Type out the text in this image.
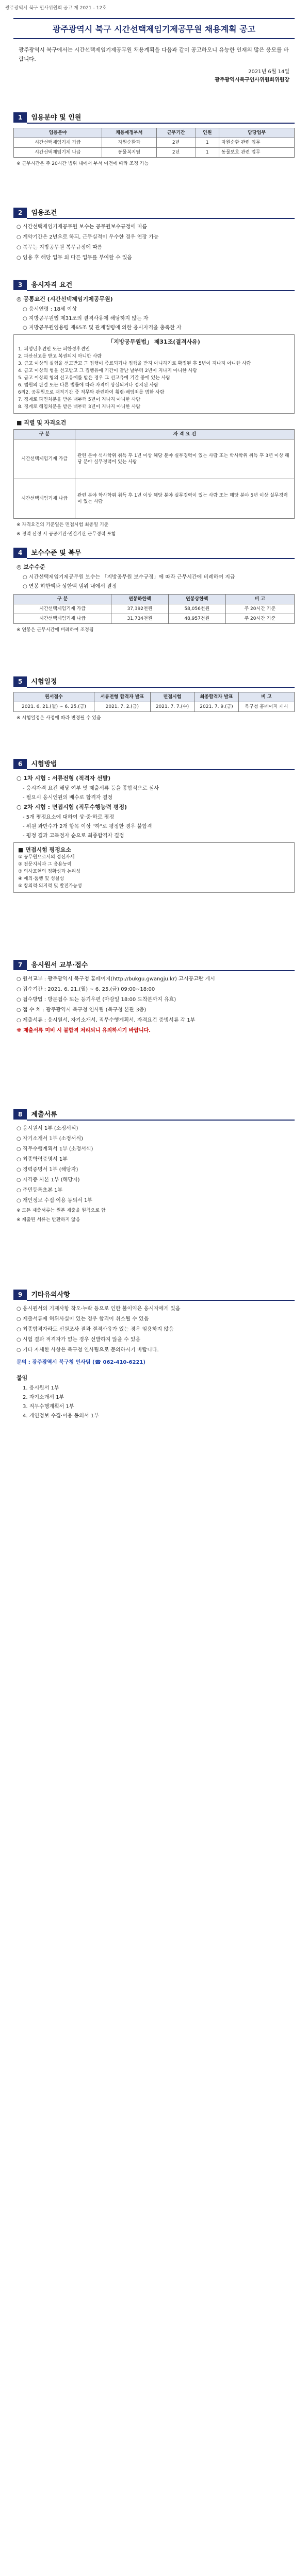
광주광역시 북구 인사위원회 공고 제 2021 - 12호
광주광역시 북구 시간선택제임기제공무원 채용계획 공고
광주광역시 북구에서는 시간선택제임기제공무원 채용계획을 다음과 같이 공고하오니 유능한 인재의 많은 응모를 바랍니다.
2021년 6월 14일
광주광역시북구인사위원회위원장
1	임용분야 및 인원
임용분야	채용예정부서	근무기간	인원	담당업무
시간선택제임기제 가급	자원순환과	2년	1	자원순환 관련 업무
시간선택제임기제 나급	동물복지팀	2년	1	동물보호 관련 업무
※ 근무시간은 주 20시간 범위 내에서 부서 여건에 따라 조정 가능
2	임용조건
○ 시간선택제임기제공무원 보수는 공무원보수규정에 따름
○ 계약기간은 2년으로 하되, 근무실적이 우수한 경우 연장 가능
○ 복무는 지방공무원 복무규정에 따름
○ 임용 후 해당 업무 외 다른 업무를 부여할 수 있음
3	응시자격 요건
◎ 공통요건 (시간선택제임기제공무원)
○ 응시연령 : 18세 이상
○ 지방공무원법 제31조의 결격사유에 해당하지 않는 자
○ 지방공무원임용령 제65조 및 관계법령에 의한 응시자격을 충족한 자
「지방공무원법」 제31조(결격사유)
1. 피성년후견인 또는 피한정후견인
2. 파산선고를 받고 복권되지 아니한 사람
3. 금고 이상의 실형을 선고받고 그 집행이 종료되거나 집행을 받지 아니하기로 확정된 후 5년이 지나지 아니한 사람
4. 금고 이상의 형을 선고받고 그 집행유예 기간이 끝난 날부터 2년이 지나지 아니한 사람
5. 금고 이상의 형의 선고유예를 받은 경우 그 선고유예 기간 중에 있는 사람
6. 법원의 판결 또는 다른 법률에 따라 자격이 상실되거나 정지된 사람
6의2. 공무원으로 재직기간 중 직무와 관련하여 횡령·배임죄를 범한 사람
7. 징계로 파면처분을 받은 때부터 5년이 지나지 아니한 사람
8. 징계로 해임처분을 받은 때부터 3년이 지나지 아니한 사람
■ 직렬 및 자격요건
구 분	자 격 요 건
시간선택제임기제 가급	관련 분야 석사학위 취득 후 1년 이상 해당 분야 실무경력이 있는 사람 또는 학사학위 취득 후 3년 이상 해당 분야 실무경력이 있는 사람
시간선택제임기제 나급	관련 분야 학사학위 취득 후 1년 이상 해당 분야 실무경력이 있는 사람 또는 해당 분야 5년 이상 실무경력이 있는 사람
※ 자격요건의 기준일은 면접시험 최종일 기준
※ 경력 산정 시 공공기관·민간기관 근무경력 포함
4	보수수준 및 복무
◎ 보수수준
○ 시간선택제임기제공무원 보수는 「지방공무원 보수규정」에 따라 근무시간에 비례하여 지급
○ 연봉 하한액과 상한액 범위 내에서 결정
구 분	연봉하한액	연봉상한액	비 고
시간선택제임기제 가급	37,392천원	58,056천원	주 20시간 기준
시간선택제임기제 나급	31,734천원	48,957천원	주 20시간 기준
※ 연봉은 근무시간에 비례하여 조정됨
5	시험일정
원서접수	서류전형 합격자 발표	면접시험	최종합격자 발표	비 고
2021. 6. 21.(월) ~ 6. 25.(금)	2021. 7. 2.(금)	2021. 7. 7.(수)	2021. 7. 9.(금)	북구청 홈페이지 게시
※ 시험일정은 사정에 따라 변경될 수 있음
6	시험방법
○ 1차 시험 : 서류전형 (적격자 선발)
- 응시자격 요건 해당 여부 및 제출서류 등을 종합적으로 심사
- 필요시 응시인원의 배수로 합격자 결정
○ 2차 시험 : 면접시험 (직무수행능력 평정)
- 5개 평정요소에 대하여 상·중·하로 평정
- 위원 과반수가 2개 항목 이상 "하"로 평정한 경우 불합격
- 평정 결과 고득점자 순으로 최종합격자 결정
■ 면접시험 평정요소
① 공무원으로서의 정신자세
② 전문지식과 그 응용능력
③ 의사표현의 정확성과 논리성
④ 예의·품행 및 성실성
⑤ 창의력·의지력 및 발전가능성
7	응시원서 교부·접수
○ 원서교부 : 광주광역시 북구청 홈페이지(http://bukgu.gwangju.kr) 고시공고란 게시
○ 접수기간 : 2021. 6. 21.(월) ~ 6. 25.(금) 09:00~18:00
○ 접수방법 : 방문접수 또는 등기우편 (마감일 18:00 도착분까지 유효)
○ 접 수 처 : 광주광역시 북구청 인사팀 (북구청 본관 3층)
○ 제출서류 : 응시원서, 자기소개서, 직무수행계획서, 자격요건 증빙서류 각 1부
※ 제출서류 미비 시 불합격 처리되니 유의하시기 바랍니다.
8	제출서류
○ 응시원서 1부 (소정서식)
○ 자기소개서 1부 (소정서식)
○ 직무수행계획서 1부 (소정서식)
○ 최종학력증명서 1부
○ 경력증명서 1부 (해당자)
○ 자격증 사본 1부 (해당자)
○ 주민등록초본 1부
○ 개인정보 수집·이용 동의서 1부
※ 모든 제출서류는 원본 제출을 원칙으로 함
※ 제출된 서류는 반환하지 않음
9	기타유의사항
○ 응시원서의 기재사항 착오·누락 등으로 인한 불이익은 응시자에게 있음
○ 제출서류에 허위사실이 있는 경우 합격이 취소될 수 있음
○ 최종합격자라도 신원조사 결과 결격사유가 있는 경우 임용하지 않음
○ 시험 결과 적격자가 없는 경우 선발하지 않을 수 있음
○ 기타 자세한 사항은 북구청 인사팀으로 문의하시기 바랍니다.
문의 : 광주광역시 북구청 인사팀 (☎ 062-410-6221)
붙임
1. 응시원서 1부
2. 자기소개서 1부
3. 직무수행계획서 1부
4. 개인정보 수집·이용 동의서 1부
